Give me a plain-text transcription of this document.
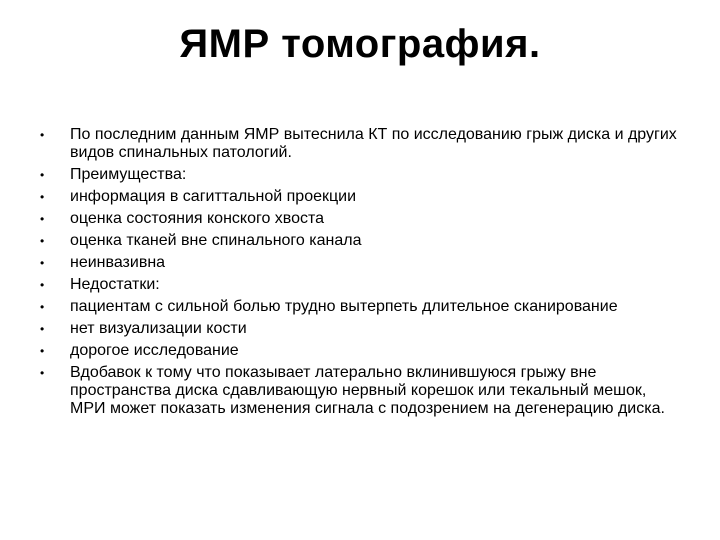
ЯМР томография.
•	По последним данным ЯМР вытеснила КТ по исследованию грыж диска и других видов спинальных патологий.
•	Преимущества:
•	информация в сагиттальной проекции
•	оценка состояния конского хвоста
•	оценка тканей вне спинального канала
•	неинвазивна
•	Недостатки:
•	пациентам с сильной болью трудно вытерпеть длительное сканирование
•	нет визуализации кости
•	дорогое исследование
•	Вдобавок к тому что показывает латерально вклинившуюся грыжу вне пространства диска сдавливающую нервный корешок или текальный мешок, МРИ может показать изменения сигнала с подозрением на дегенерацию диска.
